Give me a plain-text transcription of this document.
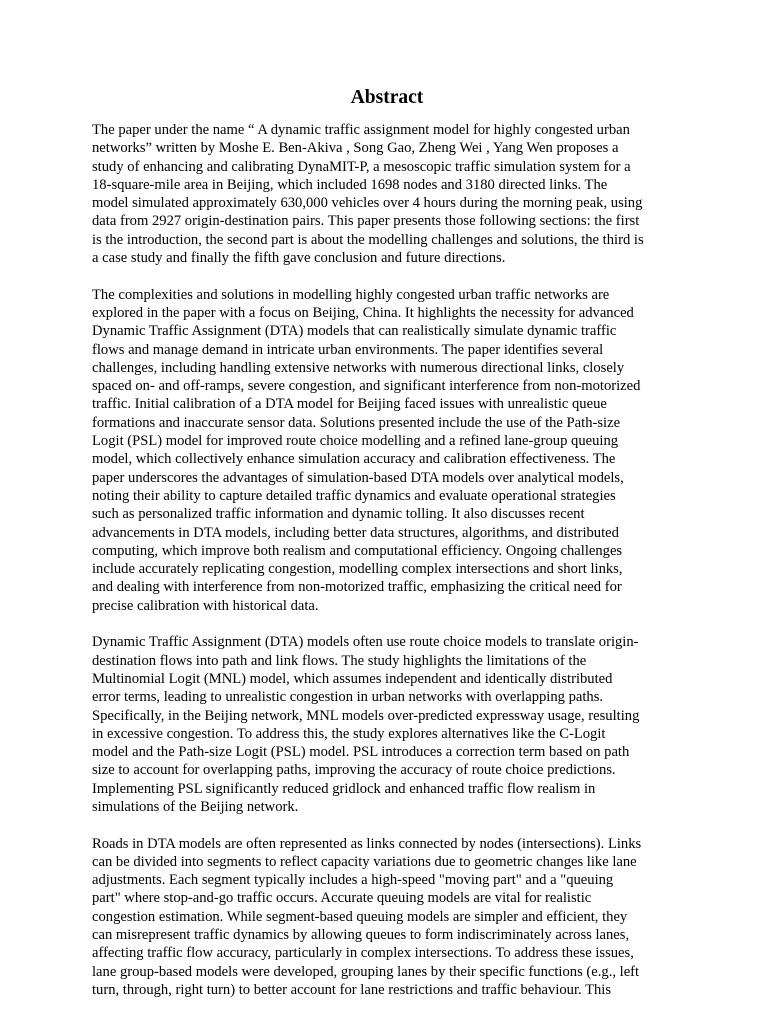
Abstract
The paper under the name “ A dynamic traffic assignment model for highly congested urban
networks” written by Moshe E. Ben-Akiva , Song Gao, Zheng Wei , Yang Wen proposes a
study of enhancing and calibrating DynaMIT-P, a mesoscopic traffic simulation system for a
18-square-mile area in Beijing, which included 1698 nodes and 3180 directed links. The
model simulated approximately 630,000 vehicles over 4 hours during the morning peak, using
data from 2927 origin-destination pairs. This paper presents those following sections: the first
is the introduction, the second part is about the modelling challenges and solutions, the third is
a case study and finally the fifth gave conclusion and future directions.
The complexities and solutions in modelling highly congested urban traffic networks are
explored in the paper with a focus on Beijing, China. It highlights the necessity for advanced
Dynamic Traffic Assignment (DTA) models that can realistically simulate dynamic traffic
flows and manage demand in intricate urban environments. The paper identifies several
challenges, including handling extensive networks with numerous directional links, closely
spaced on- and off-ramps, severe congestion, and significant interference from non-motorized
traffic. Initial calibration of a DTA model for Beijing faced issues with unrealistic queue
formations and inaccurate sensor data. Solutions presented include the use of the Path-size
Logit (PSL) model for improved route choice modelling and a refined lane-group queuing
model, which collectively enhance simulation accuracy and calibration effectiveness. The
paper underscores the advantages of simulation-based DTA models over analytical models,
noting their ability to capture detailed traffic dynamics and evaluate operational strategies
such as personalized traffic information and dynamic tolling. It also discusses recent
advancements in DTA models, including better data structures, algorithms, and distributed
computing, which improve both realism and computational efficiency. Ongoing challenges
include accurately replicating congestion, modelling complex intersections and short links,
and dealing with interference from non-motorized traffic, emphasizing the critical need for
precise calibration with historical data.
Dynamic Traffic Assignment (DTA) models often use route choice models to translate origin-
destination flows into path and link flows. The study highlights the limitations of the
Multinomial Logit (MNL) model, which assumes independent and identically distributed
error terms, leading to unrealistic congestion in urban networks with overlapping paths.
Specifically, in the Beijing network, MNL models over-predicted expressway usage, resulting
in excessive congestion. To address this, the study explores alternatives like the C-Logit
model and the Path-size Logit (PSL) model. PSL introduces a correction term based on path
size to account for overlapping paths, improving the accuracy of route choice predictions.
Implementing PSL significantly reduced gridlock and enhanced traffic flow realism in
simulations of the Beijing network.
Roads in DTA models are often represented as links connected by nodes (intersections). Links
can be divided into segments to reflect capacity variations due to geometric changes like lane
adjustments. Each segment typically includes a high-speed "moving part" and a "queuing
part" where stop-and-go traffic occurs. Accurate queuing models are vital for realistic
congestion estimation. While segment-based queuing models are simpler and efficient, they
can misrepresent traffic dynamics by allowing queues to form indiscriminately across lanes,
affecting traffic flow accuracy, particularly in complex intersections. To address these issues,
lane group-based models were developed, grouping lanes by their specific functions (e.g., left
turn, through, right turn) to better account for lane restrictions and traffic behaviour. This
